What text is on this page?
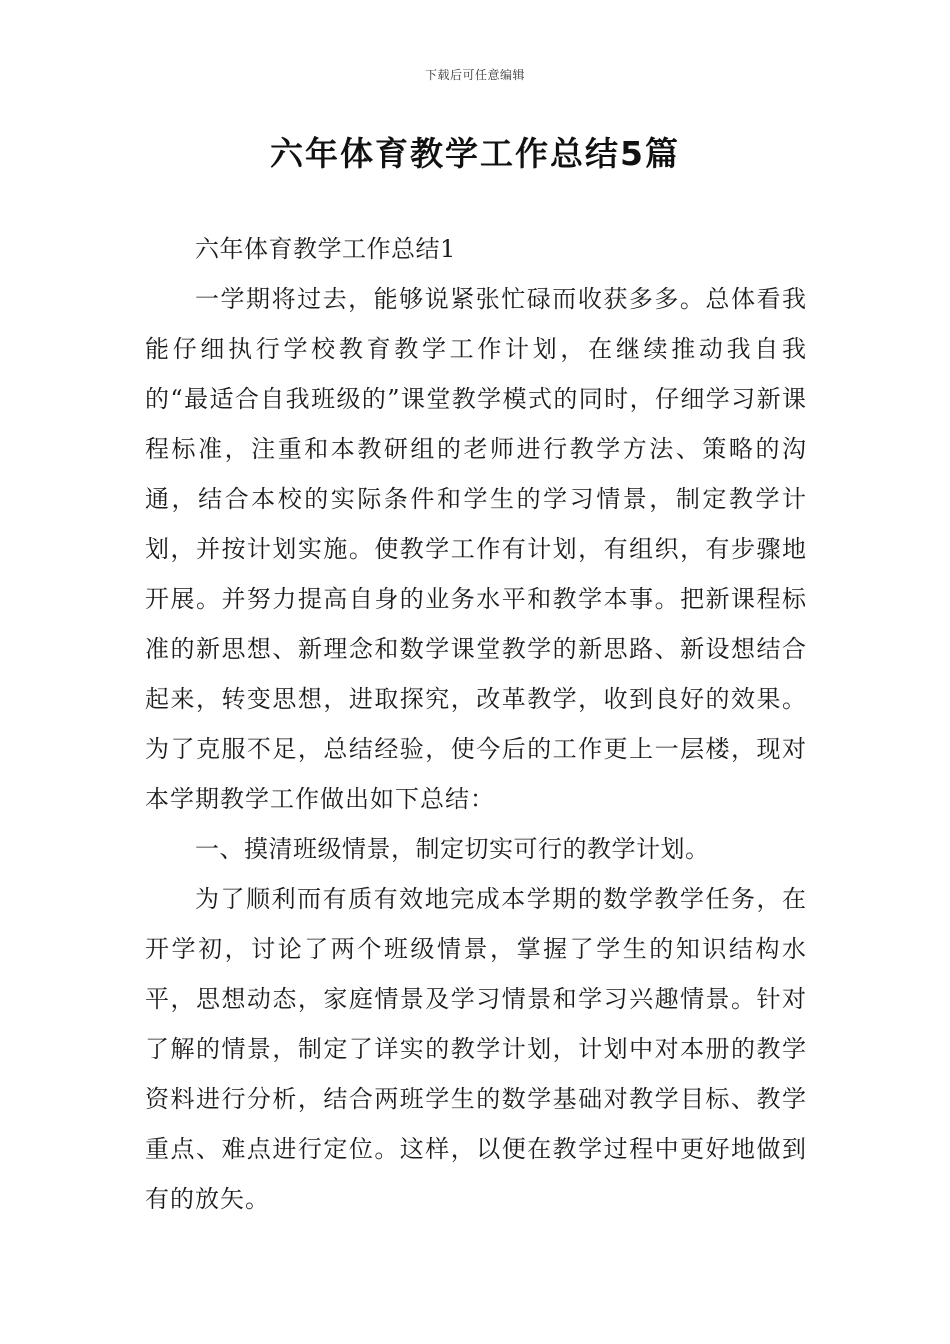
下载后可任意编辑
六年体育教学工作总结5篇

六年体育教学工作总结1

一学期将过去，能够说紧张忙碌而收获多多。总体看我能仔细执行学校教育教学工作计划，在继续推动我自我的“最适合自我班级的”课堂教学模式的同时，仔细学习新课程标准，注重和本教研组的老师进行教学方法、策略的沟通，结合本校的实际条件和学生的学习情景，制定教学计划，并按计划实施。使教学工作有计划，有组织，有步骤地开展。并努力提高自身的业务水平和教学本事。把新课程标准的新思想、新理念和数学课堂教学的新思路、新设想结合起来，转变思想，进取探究，改革教学，收到良好的效果。为了克服不足，总结经验，使今后的工作更上一层楼，现对本学期教学工作做出如下总结：

一、摸清班级情景，制定切实可行的教学计划。

为了顺利而有质有效地完成本学期的数学教学任务，在开学初，讨论了两个班级情景，掌握了学生的知识结构水平，思想动态，家庭情景及学习情景和学习兴趣情景。针对了解的情景，制定了详实的教学计划，计划中对本册的教学资料进行分析，结合两班学生的数学基础对教学目标、教学重点、难点进行定位。这样，以便在教学过程中更好地做到有的放矢。
